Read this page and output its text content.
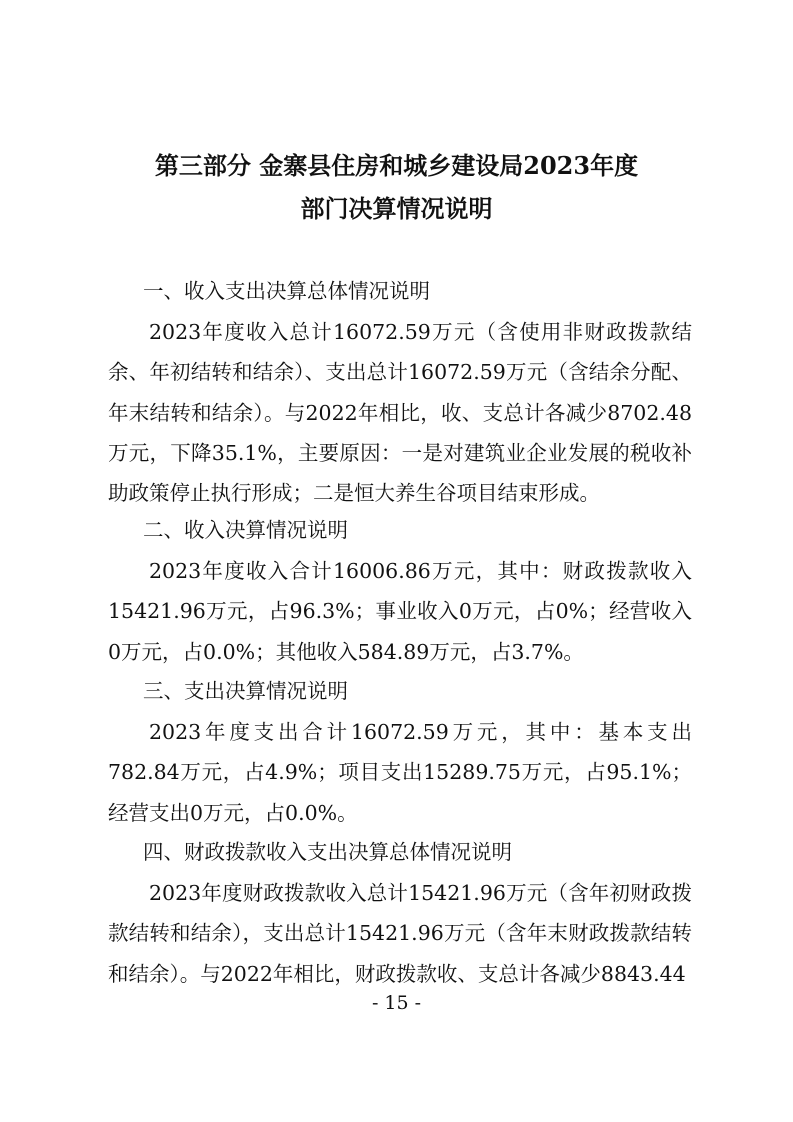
第三部分 金寨县住房和城乡建设局2023年度
部门决算情况说明
一、收入支出决算总体情况说明

2023年度收入总计16072.59万元（含使用非财政拨款结余、年初结转和结余）、支出总计16072.59万元（含结余分配、年末结转和结余）。与2022年相比，收、支总计各减少8702.48万元，下降35.1%，主要原因：一是对建筑业企业发展的税收补助政策停止执行形成；二是恒大养生谷项目结束形成。

二、收入决算情况说明

2023年度收入合计16006.86万元，其中：财政拨款收入15421.96万元，占96.3%；事业收入0万元，占0%；经营收入0万元，占0.0%；其他收入584.89万元，占3.7%。

三、支出决算情况说明

2023年度支出合计16072.59万元，其中：基本支出782.84万元，占4.9%；项目支出15289.75万元，占95.1%；经营支出0万元，占0.0%。

四、财政拨款收入支出决算总体情况说明

2023年度财政拨款收入总计15421.96万元（含年初财政拨款结转和结余），支出总计15421.96万元（含年末财政拨款结转和结余）。与2022年相比，财政拨款收、支总计各减少8843.44

- 15 -
